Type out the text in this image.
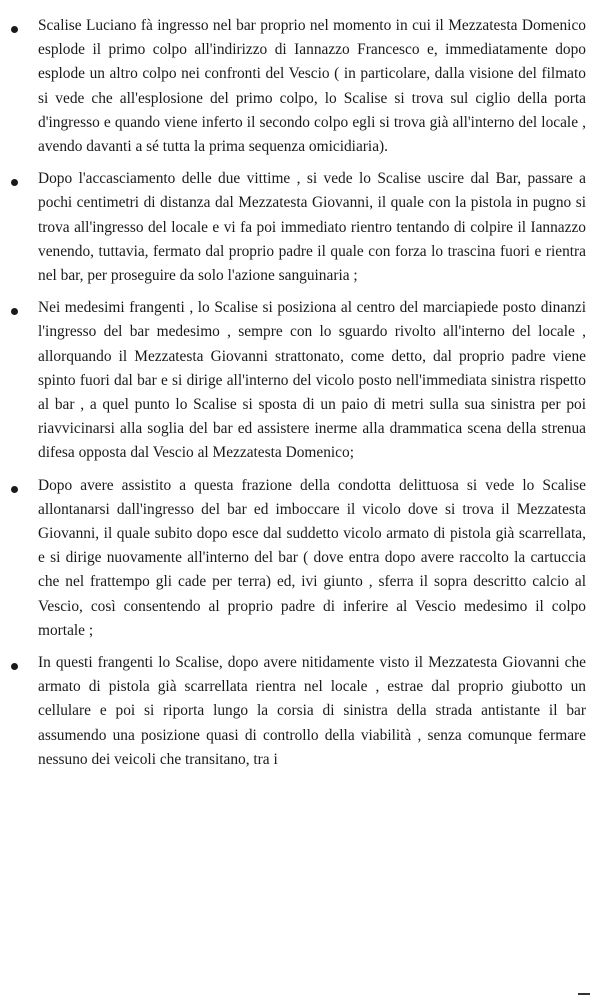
Scalise Luciano fà ingresso nel bar proprio nel momento in cui il Mezzatesta Domenico esplode il primo colpo all'indirizzo di Iannazzo Francesco e, immediatamente dopo esplode un altro colpo nei confronti del Vescio ( in particolare, dalla visione del filmato si vede che all'esplosione del primo colpo, lo Scalise si trova sul ciglio della porta d'ingresso e quando viene inferto il secondo colpo egli si trova già all'interno del locale , avendo davanti a sé tutta la prima sequenza omicidiaria).

Dopo l'accasciamento delle due vittime , si vede lo Scalise uscire dal Bar, passare a pochi centimetri di distanza dal Mezzatesta Giovanni, il quale con la pistola in pugno si trova all'ingresso del locale e vi fa poi immediato rientro tentando di colpire il Iannazzo venendo, tuttavia, fermato dal proprio padre il quale con forza lo trascina fuori e rientra nel bar, per proseguire da solo l'azione sanguinaria ;

Nei medesimi frangenti , lo Scalise si posiziona al centro del marciapiede posto dinanzi l'ingresso del bar medesimo , sempre con lo sguardo rivolto all'interno del locale , allorquando il Mezzatesta Giovanni strattonato, come detto, dal proprio padre viene spinto fuori dal bar e si dirige all'interno del vicolo posto nell'immediata sinistra rispetto al bar , a quel punto lo Scalise si sposta di un paio di metri sulla sua sinistra per poi riavvicinarsi alla soglia del bar ed assistere inerme alla drammatica scena della strenua difesa opposta dal Vescio al Mezzatesta Domenico;

Dopo avere assistito a questa frazione della condotta delittuosa si vede lo Scalise allontanarsi dall'ingresso del bar ed imboccare il vicolo dove si trova il Mezzatesta Giovanni, il quale subito dopo esce dal suddetto vicolo armato di pistola già scarrellata, e si dirige nuovamente all'interno del bar ( dove entra dopo avere raccolto la cartuccia che nel frattempo gli cade per terra) ed, ivi giunto , sferra il sopra descritto calcio al Vescio, così consentendo al proprio padre di inferire al Vescio medesimo il colpo mortale ;

In questi frangenti lo Scalise, dopo avere nitidamente visto il Mezzatesta Giovanni che armato di pistola già scarrellata rientra nel locale , estrae dal proprio giubotto un cellulare e poi si riporta lungo la corsia di sinistra della strada antistante il bar assumendo una posizione quasi di controllo della viabilità , senza comunque fermare nessuno dei veicoli che transitano, tra i
